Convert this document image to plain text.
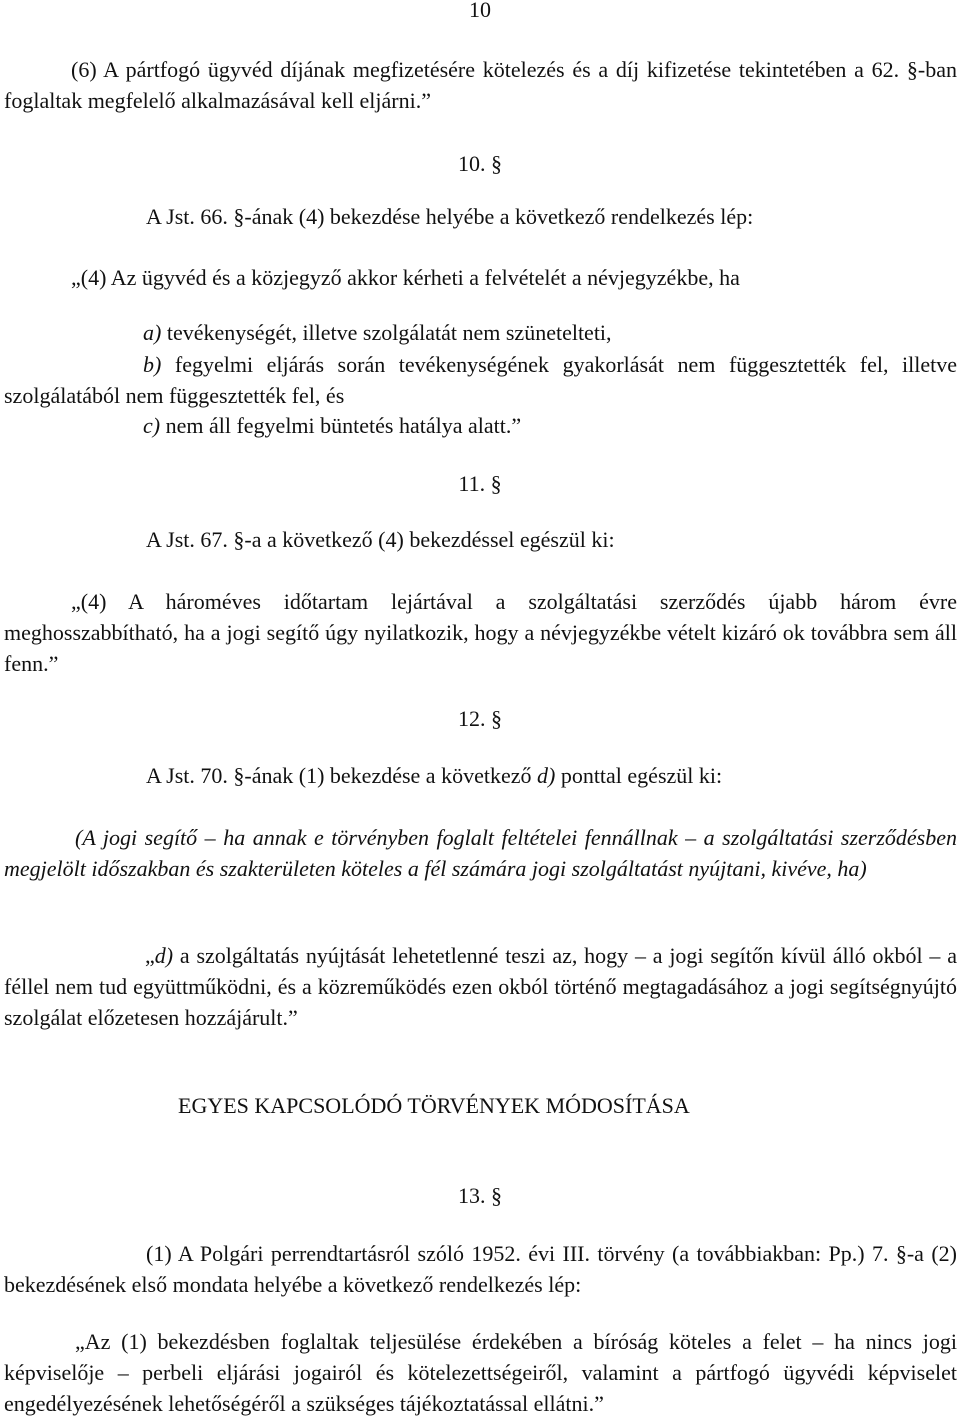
10

(6) A pártfogó ügyvéd díjának megfizetésére kötelezés és a díj kifizetése tekintetében a 62. §-ban foglaltak megfelelő alkalmazásával kell eljárni.”

10. §

A Jst. 66. §-ának (4) bekezdése helyébe a következő rendelkezés lép:

„(4) Az ügyvéd és a közjegyző akkor kérheti a felvételét a névjegyzékbe, ha

a) tevékenységét, illetve szolgálatát nem szünetelteti,

b) fegyelmi eljárás során tevékenységének gyakorlását nem függesztették fel, illetve szolgálatából nem függesztették fel, és

c) nem áll fegyelmi büntetés hatálya alatt.”

11. §

A Jst. 67. §-a a következő (4) bekezdéssel egészül ki:

„(4) A hároméves időtartam lejártával a szolgáltatási szerződés újabb három évre meghosszabbítható, ha a jogi segítő úgy nyilatkozik, hogy a névjegyzékbe vételt kizáró ok továbbra sem áll fenn.”

12. §

A Jst. 70. §-ának (1) bekezdése a következő d) ponttal egészül ki:

(A jogi segítő – ha annak e törvényben foglalt feltételei fennállnak – a szolgáltatási szerződésben megjelölt időszakban és szakterületen köteles a fél számára jogi szolgáltatást nyújtani, kivéve, ha)

„d) a szolgáltatás nyújtását lehetetlenné teszi az, hogy – a jogi segítőn kívül álló okból – a féllel nem tud együttműködni, és a közreműködés ezen okból történő megtagadásához a jogi segítségnyújtó szolgálat előzetesen hozzájárult.”

EGYES KAPCSOLÓDÓ TÖRVÉNYEK MÓDOSÍTÁSA

13. §

(1) A Polgári perrendtartásról szóló 1952. évi III. törvény (a továbbiakban: Pp.) 7. §-a (2) bekezdésének első mondata helyébe a következő rendelkezés lép:

„Az (1) bekezdésben foglaltak teljesülése érdekében a bíróság köteles a felet – ha nincs jogi képviselője – perbeli eljárási jogairól és kötelezettségeiről, valamint a pártfogó ügyvédi képviselet engedélyezésének lehetőségéről a szükséges tájékoztatással ellátni.”
